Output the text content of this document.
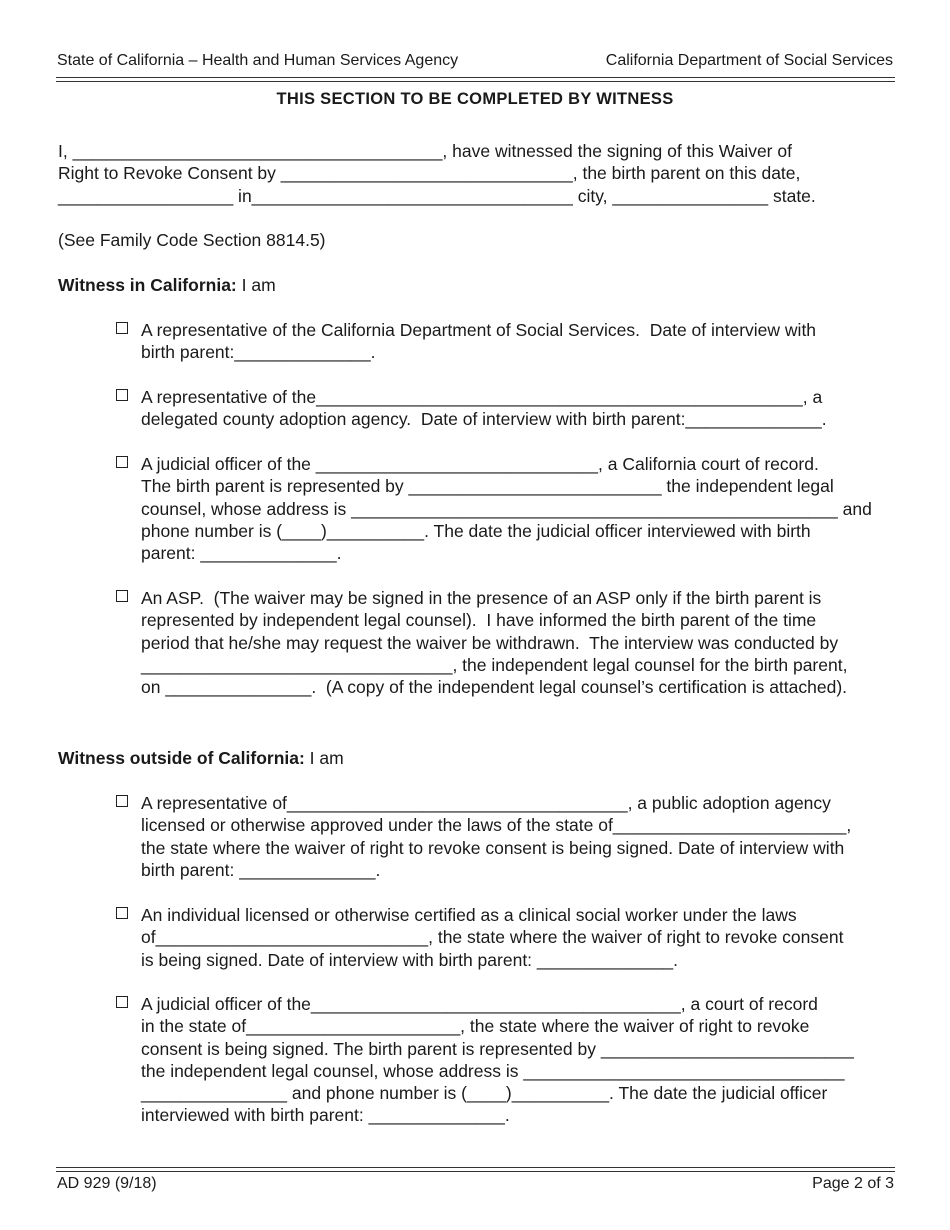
State of California – Health and Human Services Agency	California Department of Social Services
THIS SECTION TO BE COMPLETED BY WITNESS
I, ______________________________________, have witnessed the signing of this Waiver of
Right to Revoke Consent by ______________________________, the birth parent on this date,
__________________ in_________________________________ city, ________________ state.
(See Family Code Section 8814.5)
Witness in California: I am
A representative of the California Department of Social Services.  Date of interview with
birth parent:______________.
A representative of the__________________________________________________, a
delegated county adoption agency.  Date of interview with birth parent:______________.
A judicial officer of the _____________________________, a California court of record.
The birth parent is represented by __________________________ the independent legal
counsel, whose address is __________________________________________________ and
phone number is (____)__________. The date the judicial officer interviewed with birth
parent: ______________.
An ASP.  (The waiver may be signed in the presence of an ASP only if the birth parent is
represented by independent legal counsel).  I have informed the birth parent of the time
period that he/she may request the waiver be withdrawn.  The interview was conducted by
________________________________, the independent legal counsel for the birth parent,
on _______________.  (A copy of the independent legal counsel’s certification is attached).
Witness outside of California: I am
A representative of___________________________________, a public adoption agency
licensed or otherwise approved under the laws of the state of________________________,
the state where the waiver of right to revoke consent is being signed. Date of interview with
birth parent: ______________.
An individual licensed or otherwise certified as a clinical social worker under the laws
of____________________________, the state where the waiver of right to revoke consent
is being signed. Date of interview with birth parent: ______________.
A judicial officer of the______________________________________, a court of record
in the state of______________________, the state where the waiver of right to revoke
consent is being signed. The birth parent is represented by __________________________
the independent legal counsel, whose address is _________________________________
_______________ and phone number is (____)__________. The date the judicial officer
interviewed with birth parent: ______________.
AD 929 (9/18)	Page 2 of 3
